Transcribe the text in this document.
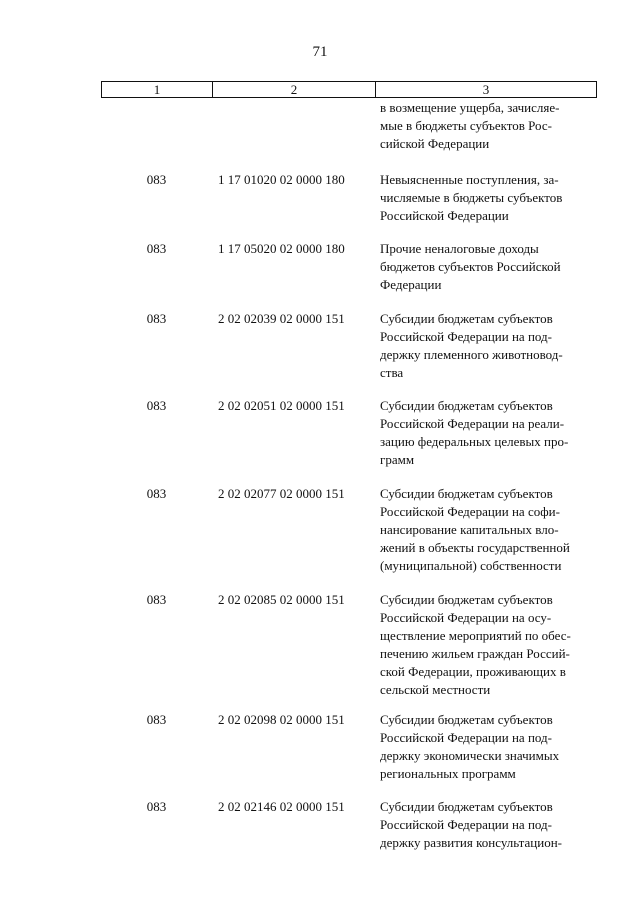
71
1	2	3
в возмещение ущерба, зачисляе-
мые в бюджеты субъектов Рос-
сийской Федерации
083	1 17 01020 02 0000 180	Невыясненные поступления, за-
числяемые в бюджеты субъектов
Российской Федерации
083	1 17 05020 02 0000 180	Прочие неналоговые доходы
бюджетов субъектов Российской
Федерации
083	2 02 02039 02 0000 151	Субсидии бюджетам субъектов
Российской Федерации на под-
держку племенного животновод-
ства
083	2 02 02051 02 0000 151	Субсидии бюджетам субъектов
Российской Федерации на реали-
зацию федеральных целевых про-
грамм
083	2 02 02077 02 0000 151	Субсидии бюджетам субъектов
Российской Федерации на софи-
нансирование капитальных вло-
жений в объекты государственной
(муниципальной) собственности
083	2 02 02085 02 0000 151	Субсидии бюджетам субъектов
Российской Федерации на осу-
ществление мероприятий по обес-
печению жильем граждан Россий-
ской Федерации, проживающих в
сельской местности
083	2 02 02098 02 0000 151	Субсидии бюджетам субъектов
Российской Федерации на под-
держку экономически значимых
региональных программ
083	2 02 02146 02 0000 151	Субсидии бюджетам субъектов
Российской Федерации на под-
держку развития консультацион-
